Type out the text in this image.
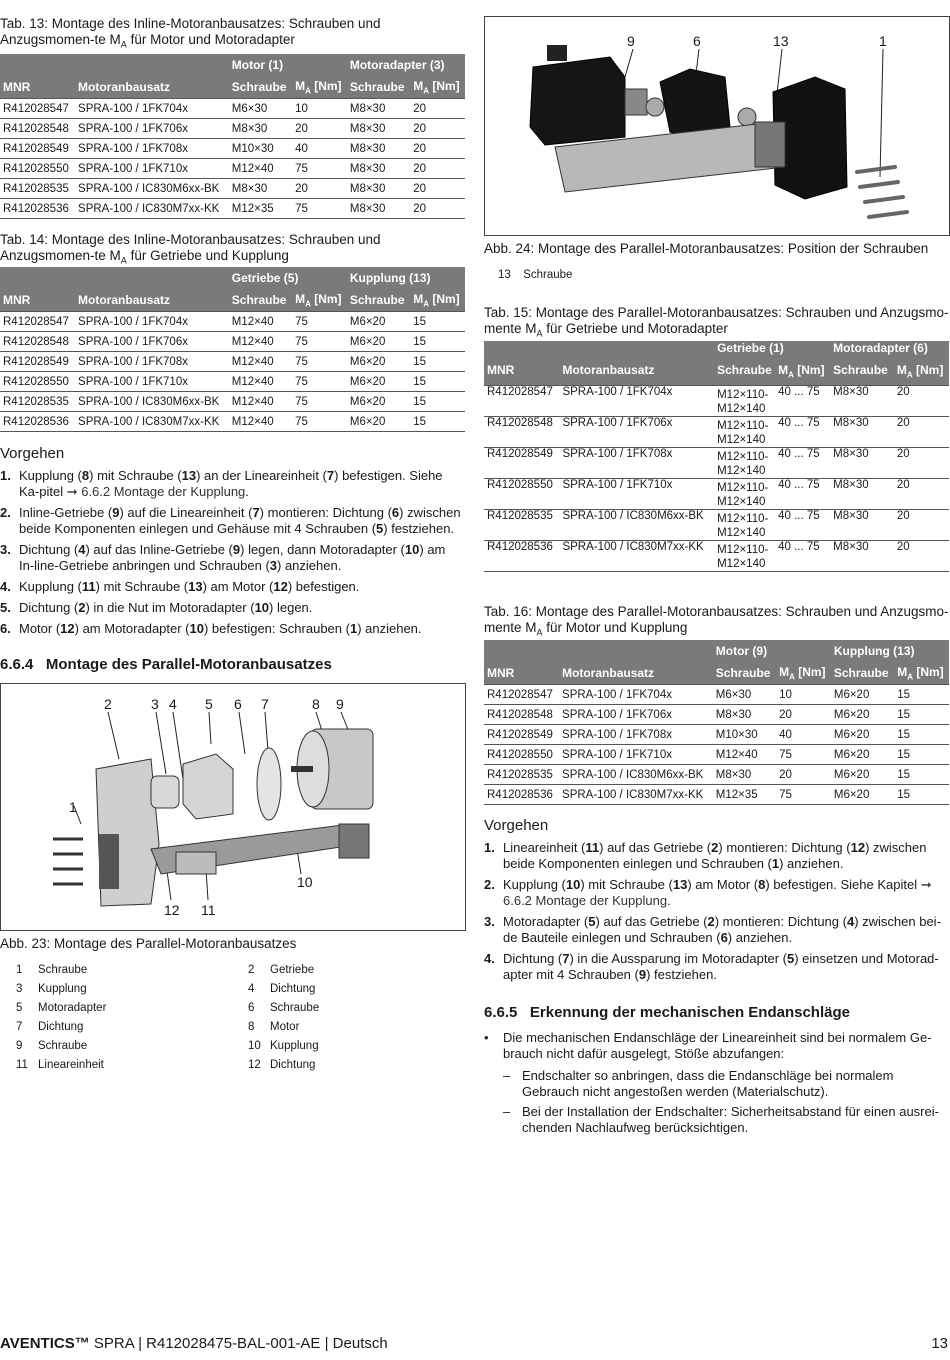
Tab. 13: Montage des Inline-Motoranbausatzes: Schrauben und Anzugsmomen-te $M_A$ für Motor und Motoradapter

		Motor (1)		Motoradapter (3)	
MNR	Motoranbausatz	Schraube	$M_A$ [Nm]	Schraube	$M_A$ [Nm]
R412028547	SPRA-100 / 1FK704x	M6×30	10	M8×30	20
R412028548	SPRA-100 / 1FK706x	M8×30	20	M8×30	20
R412028549	SPRA-100 / 1FK708x	M10×30	40	M8×30	20
R412028550	SPRA-100 / 1FK710x	M12×40	75	M8×30	20
R412028535	SPRA-100 / IC830M6xx-BK	M8×30	20	M8×30	20
R412028536	SPRA-100 / IC830M7xx-KK	M12×35	75	M8×30	20

Tab. 14: Montage des Inline-Motoranbausatzes: Schrauben und Anzugsmomen-te $M_A$ für Getriebe und Kupplung

		Getriebe (5)		Kupplung (13)	
MNR	Motoranbausatz	Schraube	$M_A$ [Nm]	Schraube	$M_A$ [Nm]
R412028547	SPRA-100 / 1FK704x	M12×40	75	M6×20	15
R412028548	SPRA-100 / 1FK706x	M12×40	75	M6×20	15
R412028549	SPRA-100 / 1FK708x	M12×40	75	M6×20	15
R412028550	SPRA-100 / 1FK710x	M12×40	75	M6×20	15
R412028535	SPRA-100 / IC830M6xx-BK	M12×40	75	M6×20	15
R412028536	SPRA-100 / IC830M7xx-KK	M12×40	75	M6×20	15
Vorgehen
1. Kupplung (8) mit Schraube (13) an der Lineareinheit (7) befestigen. Siehe Ka-pitel ➞ 6.6.2 Montage der Kupplung.
2. Inline-Getriebe (9) auf die Lineareinheit (7) montieren: Dichtung (6) zwischen beide Komponenten einlegen und Gehäuse mit 4 Schrauben (5) festziehen.
3. Dichtung (4) auf das Inline-Getriebe (9) legen, dann Motoradapter (10) am In-line-Getriebe anbringen und Schrauben (3) anziehen.
4. Kupplung (11) mit Schraube (13) am Motor (12) befestigen.
5. Dichtung (2) in die Nut im Motoradapter (10) legen.
6. Motor (12) am Motoradapter (10) befestigen: Schrauben (1) anziehen.
6.6.4 Montage des Parallel-Motoranbausatzes
2	3 4 5 6 7	8 9
1
10
12 11

Abb. 23: Montage des Parallel-Motoranbausatzes

1 Schraube	2 Getriebe
3 Kupplung	4 Dichtung
5 Motoradapter	6 Schraube
7 Dichtung	8 Motor
9 Schraube	10 Kupplung
11 Lineareinheit	12 Dichtung
9	6	13	1

Abb. 24: Montage des Parallel-Motoranbausatzes: Position der Schrauben

13 Schraube

Tab. 15: Montage des Parallel-Motoranbausatzes: Schrauben und Anzugsmo-mente $M_A$ für Getriebe und Motoradapter

		Getriebe (1)		Motoradapter (6)	
MNR	Motoranbausatz	Schraube	$M_A$ [Nm]	Schraube	$M_A$ [Nm]
R412028547	SPRA-100 / 1FK704x	M12×110-M12×140	40 ... 75	M8×30	20
R412028548	SPRA-100 / 1FK706x	M12×110-M12×140	40 ... 75	M8×30	20
R412028549	SPRA-100 / 1FK708x	M12×110-M12×140	40 ... 75	M8×30	20
R412028550	SPRA-100 / 1FK710x	M12×110-M12×140	40 ... 75	M8×30	20
R412028535	SPRA-100 / IC830M6xx-BK	M12×110-M12×140	40 ... 75	M8×30	20
R412028536	SPRA-100 / IC830M7xx-KK	M12×110-M12×140	40 ... 75	M8×30	20

Tab. 16: Montage des Parallel-Motoranbausatzes: Schrauben und Anzugsmo-mente $M_A$ für Motor und Kupplung

		Motor (9)		Kupplung (13)	
MNR	Motoranbausatz	Schraube	$M_A$ [Nm]	Schraube	$M_A$ [Nm]
R412028547	SPRA-100 / 1FK704x	M6×30	10	M6×20	15
R412028548	SPRA-100 / 1FK706x	M8×30	20	M6×20	15
R412028549	SPRA-100 / 1FK708x	M10×30	40	M6×20	15
R412028550	SPRA-100 / 1FK710x	M12×40	75	M6×20	15
R412028535	SPRA-100 / IC830M6xx-BK	M8×30	20	M6×20	15
R412028536	SPRA-100 / IC830M7xx-KK	M12×35	75	M6×20	15
Vorgehen
1. Lineareinheit (11) auf das Getriebe (2) montieren: Dichtung (12) zwischen beide Komponenten einlegen und Schrauben (1) anziehen.
2. Kupplung (10) mit Schraube (13) am Motor (8) befestigen. Siehe Kapitel ➞ 6.6.2 Montage der Kupplung.
3. Motoradapter (5) auf das Getriebe (2) montieren: Dichtung (4) zwischen bei-de Bauteile einlegen und Schrauben (6) anziehen.
4. Dichtung (7) in die Aussparung im Motoradapter (5) einsetzen und Motorad-apter mit 4 Schrauben (9) festziehen.
6.6.5 Erkennung der mechanischen Endanschläge
• Die mechanischen Endanschläge der Lineareinheit sind bei normalem Ge-brauch nicht dafür ausgelegt, Stöße abzufangen:
– Endschalter so anbringen, dass die Endanschläge bei normalem Gebrauch nicht angestoßen werden (Materialschutz).
– Bei der Installation der Endschalter: Sicherheitsabstand für einen ausrei-chenden Nachlaufweg berücksichtigen.
AVENTICS™ SPRA | R412028475-BAL-001-AE | Deutsch	13
